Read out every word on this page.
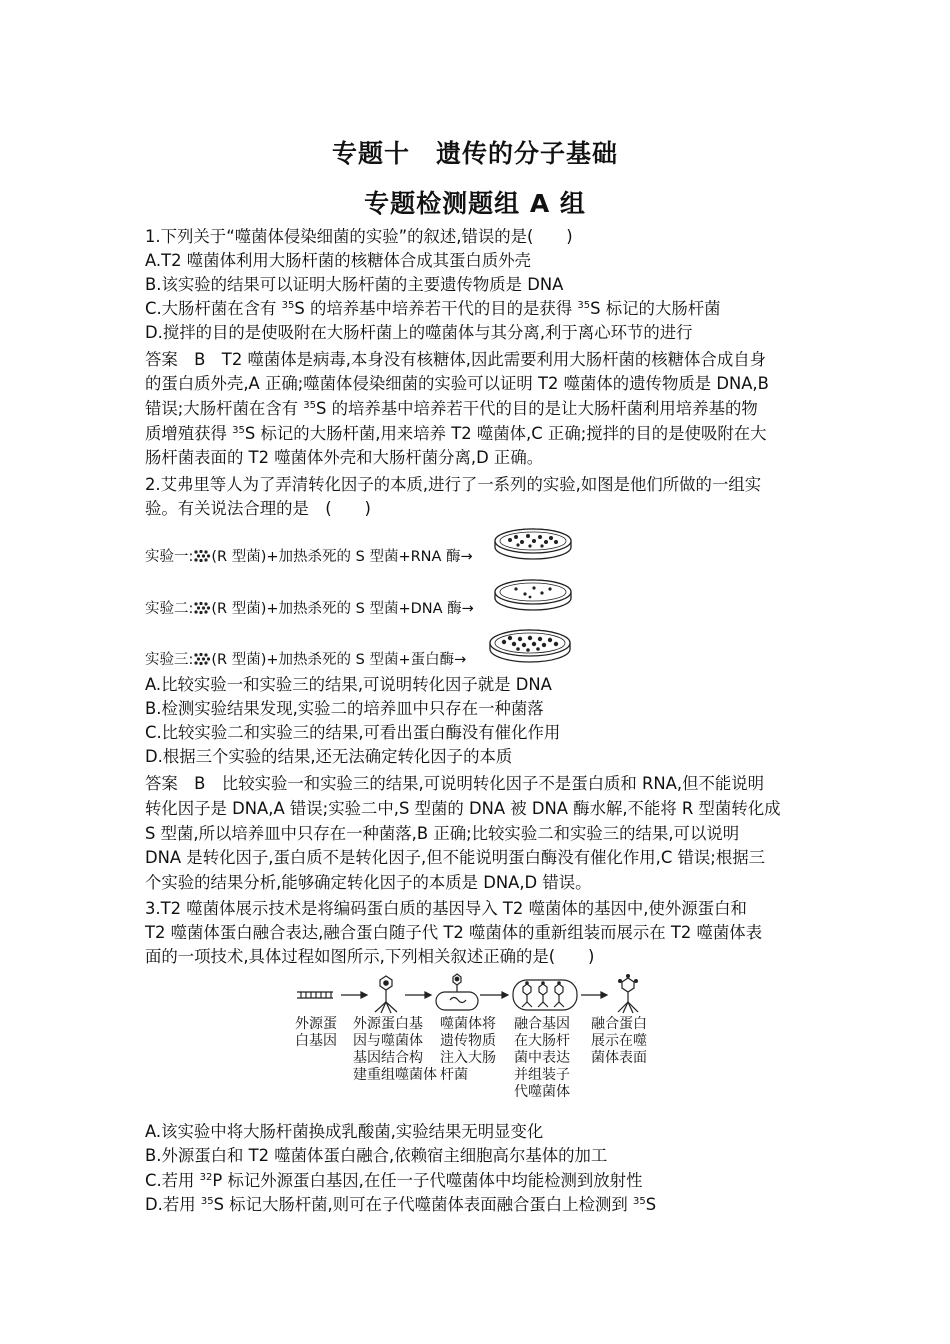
专题十　遗传的分子基础
专题检测题组 A 组
1.下列关于“噬菌体侵染细菌的实验”的叙述,错误的是(　　)
A.T2 噬菌体利用大肠杆菌的核糖体合成其蛋白质外壳
B.该实验的结果可以证明大肠杆菌的主要遗传物质是 DNA
C.大肠杆菌在含有 $^{35}$S 的培养基中培养若干代的目的是获得 $^{35}$S 标记的大肠杆菌
D.搅拌的目的是使吸附在大肠杆菌上的噬菌体与其分离,利于离心环节的进行
答案　B　T2 噬菌体是病毒,本身没有核糖体,因此需要利用大肠杆菌的核糖体合成自身
的蛋白质外壳,A 正确;噬菌体侵染细菌的实验可以证明 T2 噬菌体的遗传物质是 DNA,B
错误;大肠杆菌在含有 $^{35}$S 的培养基中培养若干代的目的是让大肠杆菌利用培养基的物
质增殖获得 $^{35}$S 标记的大肠杆菌,用来培养 T2 噬菌体,C 正确;搅拌的目的是使吸附在大
肠杆菌表面的 T2 噬菌体外壳和大肠杆菌分离,D 正确。
2.艾弗里等人为了弄清转化因子的本质,进行了一系列的实验,如图是他们所做的一组实
验。有关说法合理的是　(　　)
实验一: (R 型菌)+加热杀死的 S 型菌+RNA 酶→
实验二: (R 型菌)+加热杀死的 S 型菌+DNA 酶→
实验三: (R 型菌)+加热杀死的 S 型菌+蛋白酶→
A.比较实验一和实验三的结果,可说明转化因子就是 DNA
B.检测实验结果发现,实验二的培养皿中只存在一种菌落
C.比较实验二和实验三的结果,可看出蛋白酶没有催化作用
D.根据三个实验的结果,还无法确定转化因子的本质
答案　B　比较实验一和实验三的结果,可说明转化因子不是蛋白质和 RNA,但不能说明
转化因子是 DNA,A 错误;实验二中,S 型菌的 DNA 被 DNA 酶水解,不能将 R 型菌转化成
S 型菌,所以培养皿中只存在一种菌落,B 正确;比较实验二和实验三的结果,可以说明
DNA 是转化因子,蛋白质不是转化因子,但不能说明蛋白酶没有催化作用,C 错误;根据三
个实验的结果分析,能够确定转化因子的本质是 DNA,D 错误。
3.T2 噬菌体展示技术是将编码蛋白质的基因导入 T2 噬菌体的基因中,使外源蛋白和
T2 噬菌体蛋白融合表达,融合蛋白随子代 T2 噬菌体的重新组装而展示在 T2 噬菌体表
面的一项技术,具体过程如图所示,下列相关叙述正确的是(　　)
外源蛋
白基因
外源蛋白基
因与噬菌体
基因结合构
建重组噬菌体
噬菌体将
遗传物质
注入大肠
杆菌
融合基因
在大肠杆
菌中表达
并组装子
代噬菌体
融合蛋白
展示在噬
菌体表面
A.该实验中将大肠杆菌换成乳酸菌,实验结果无明显变化
B.外源蛋白和 T2 噬菌体蛋白融合,依赖宿主细胞高尔基体的加工
C.若用 $^{32}$P 标记外源蛋白基因,在任一子代噬菌体中均能检测到放射性
D.若用 $^{35}$S 标记大肠杆菌,则可在子代噬菌体表面融合蛋白上检测到 $^{35}$S
